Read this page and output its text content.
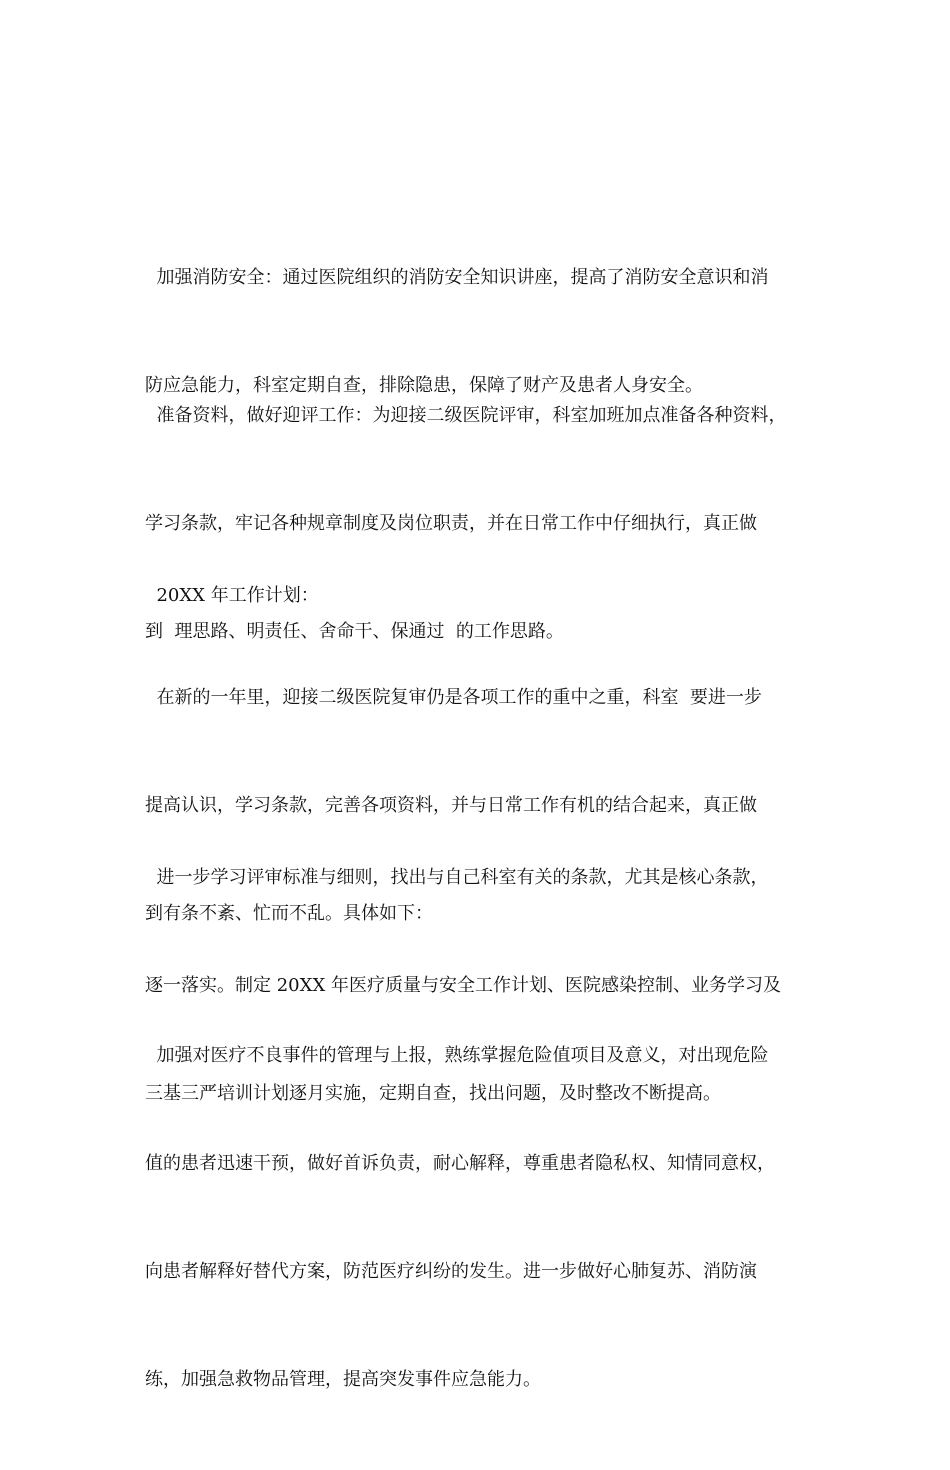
加强消防安全：通过医院组织的消防安全知识讲座，提高了消防安全意识和消

防应急能力，科室定期自查，排除隐患，保障了财产及患者人身安全。

准备资料，做好迎评工作：为迎接二级医院评审，科室加班加点准备各种资料，

学习条款，牢记各种规章制度及岗位职责，并在日常工作中仔细执行，真正做

到  理思路、明责任、舍命干、保通过  的工作思路。

20XX 年工作计划：

在新的一年里，迎接二级医院复审仍是各项工作的重中之重，科室  要进一步

提高认识，学习条款，完善各项资料，并与日常工作有机的结合起来，真正做

到有条不紊、忙而不乱。具体如下：

进一步学习评审标准与细则，找出与自己科室有关的条款，尤其是核心条款，

逐一落实。制定 20XX 年医疗质量与安全工作计划、医院感染控制、业务学习及

三基三严培训计划逐月实施，定期自查，找出问题，及时整改不断提高。

加强对医疗不良事件的管理与上报，熟练掌握危险值项目及意义，对出现危险

值的患者迅速干预，做好首诉负责，耐心解释，尊重患者隐私权、知情同意权，

向患者解释好替代方案，防范医疗纠纷的发生。进一步做好心肺复苏、消防演

练，加强急救物品管理，提高突发事件应急能力。
